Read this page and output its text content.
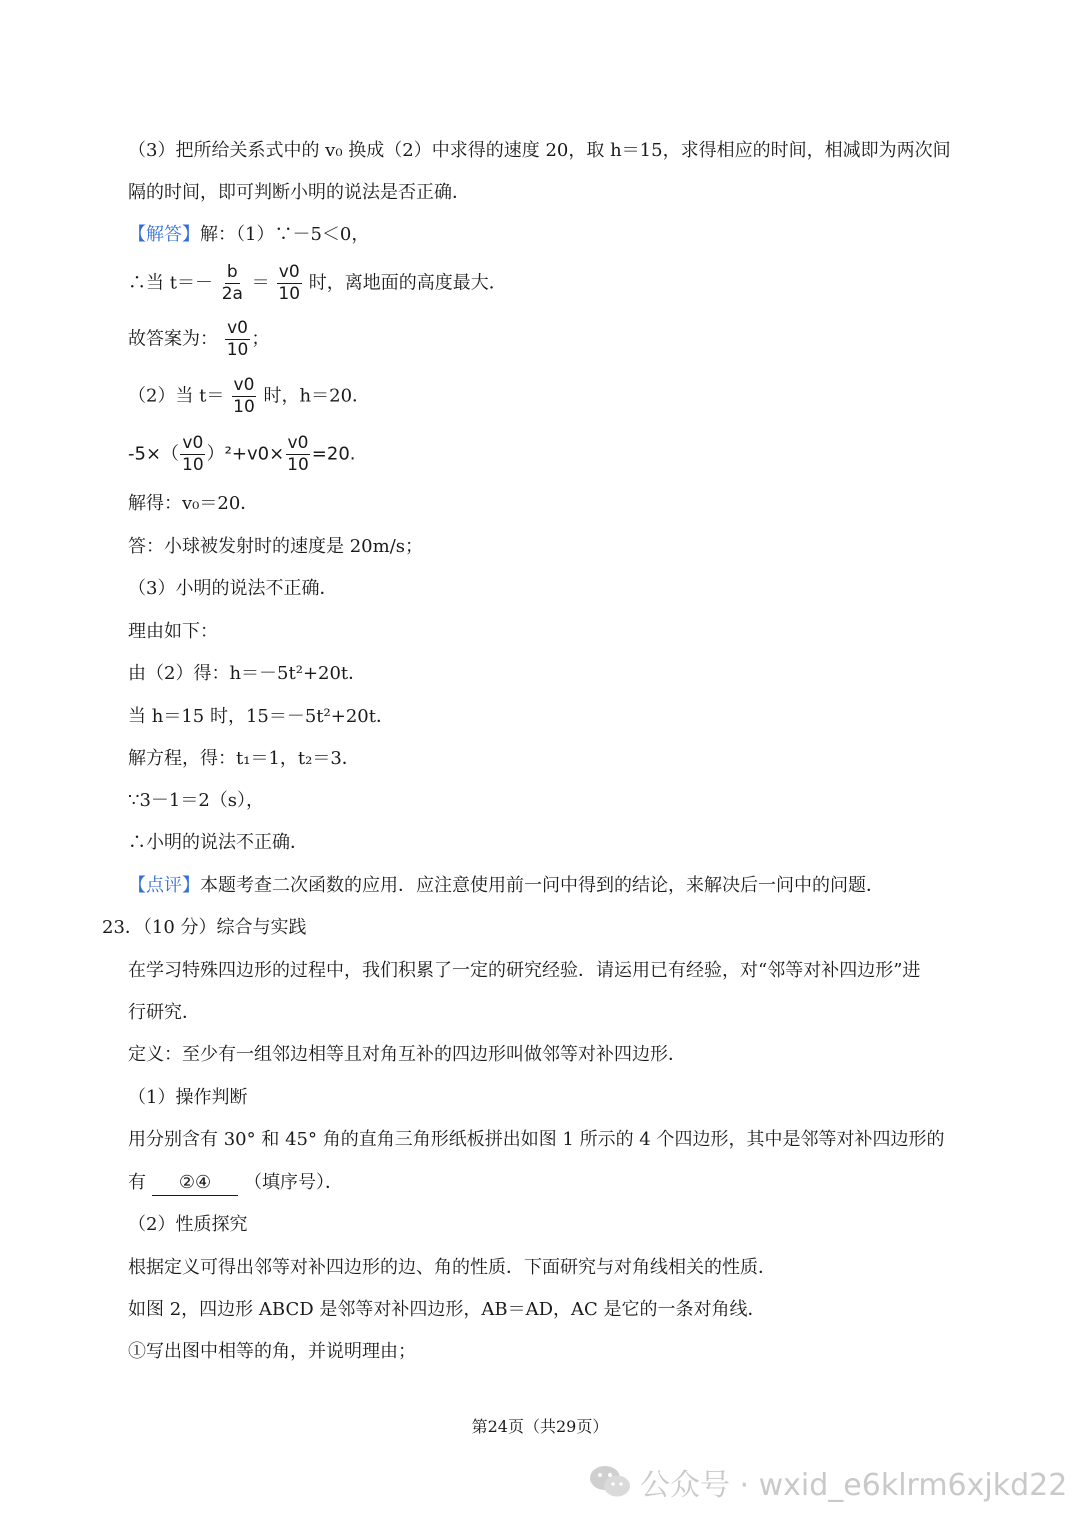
（3）把所给关系式中的 v₀ 换成（2）中求得的速度 20，取 h＝15，求得相应的时间，相减即为两次间
隔的时间，即可判断小明的说法是否正确．
【解答】解：（1）∵－5＜0，
∴当 $t=- \frac{b}{2a} = \frac{v0}{10}$ 时，离地面的高度最大．
故答案为： $\frac{v0}{10}$ ；
（2）当 $t= \frac{v0}{10}$ 时，h＝20．
$-5\times( \frac{v0}{10} )^2+v0\times \frac{v0}{10} =20$.
解得：v₀＝20．
答：小球被发射时的速度是 20m/s；
（3）小明的说法不正确．
理由如下：
由（2）得：h＝－5t²+20t．
当 h＝15 时，15＝－5t²+20t．
解方程，得：t₁＝1，t₂＝3．
∵3－1＝2（s），
∴小明的说法不正确．
【点评】本题考查二次函数的应用．应注意使用前一问中得到的结论，来解决后一问中的问题．
23．（10 分）综合与实践
在学习特殊四边形的过程中，我们积累了一定的研究经验．请运用已有经验，对“邻等对补四边形”进
行研究．
定义：至少有一组邻边相等且对角互补的四边形叫做邻等对补四边形．
（1）操作判断
用分别含有 30° 和 45° 角的直角三角形纸板拼出如图 1 所示的 4 个四边形，其中是邻等对补四边形的
有 ②④ （填序号）．
（2）性质探究
根据定义可得出邻等对补四边形的边、角的性质．下面研究与对角线相关的性质．
如图 2，四边形 ABCD 是邻等对补四边形，AB＝AD，AC 是它的一条对角线．
①写出图中相等的角，并说明理由；
第24页（共29页）
公众号 · wxid_e6klrm6xjkd22
